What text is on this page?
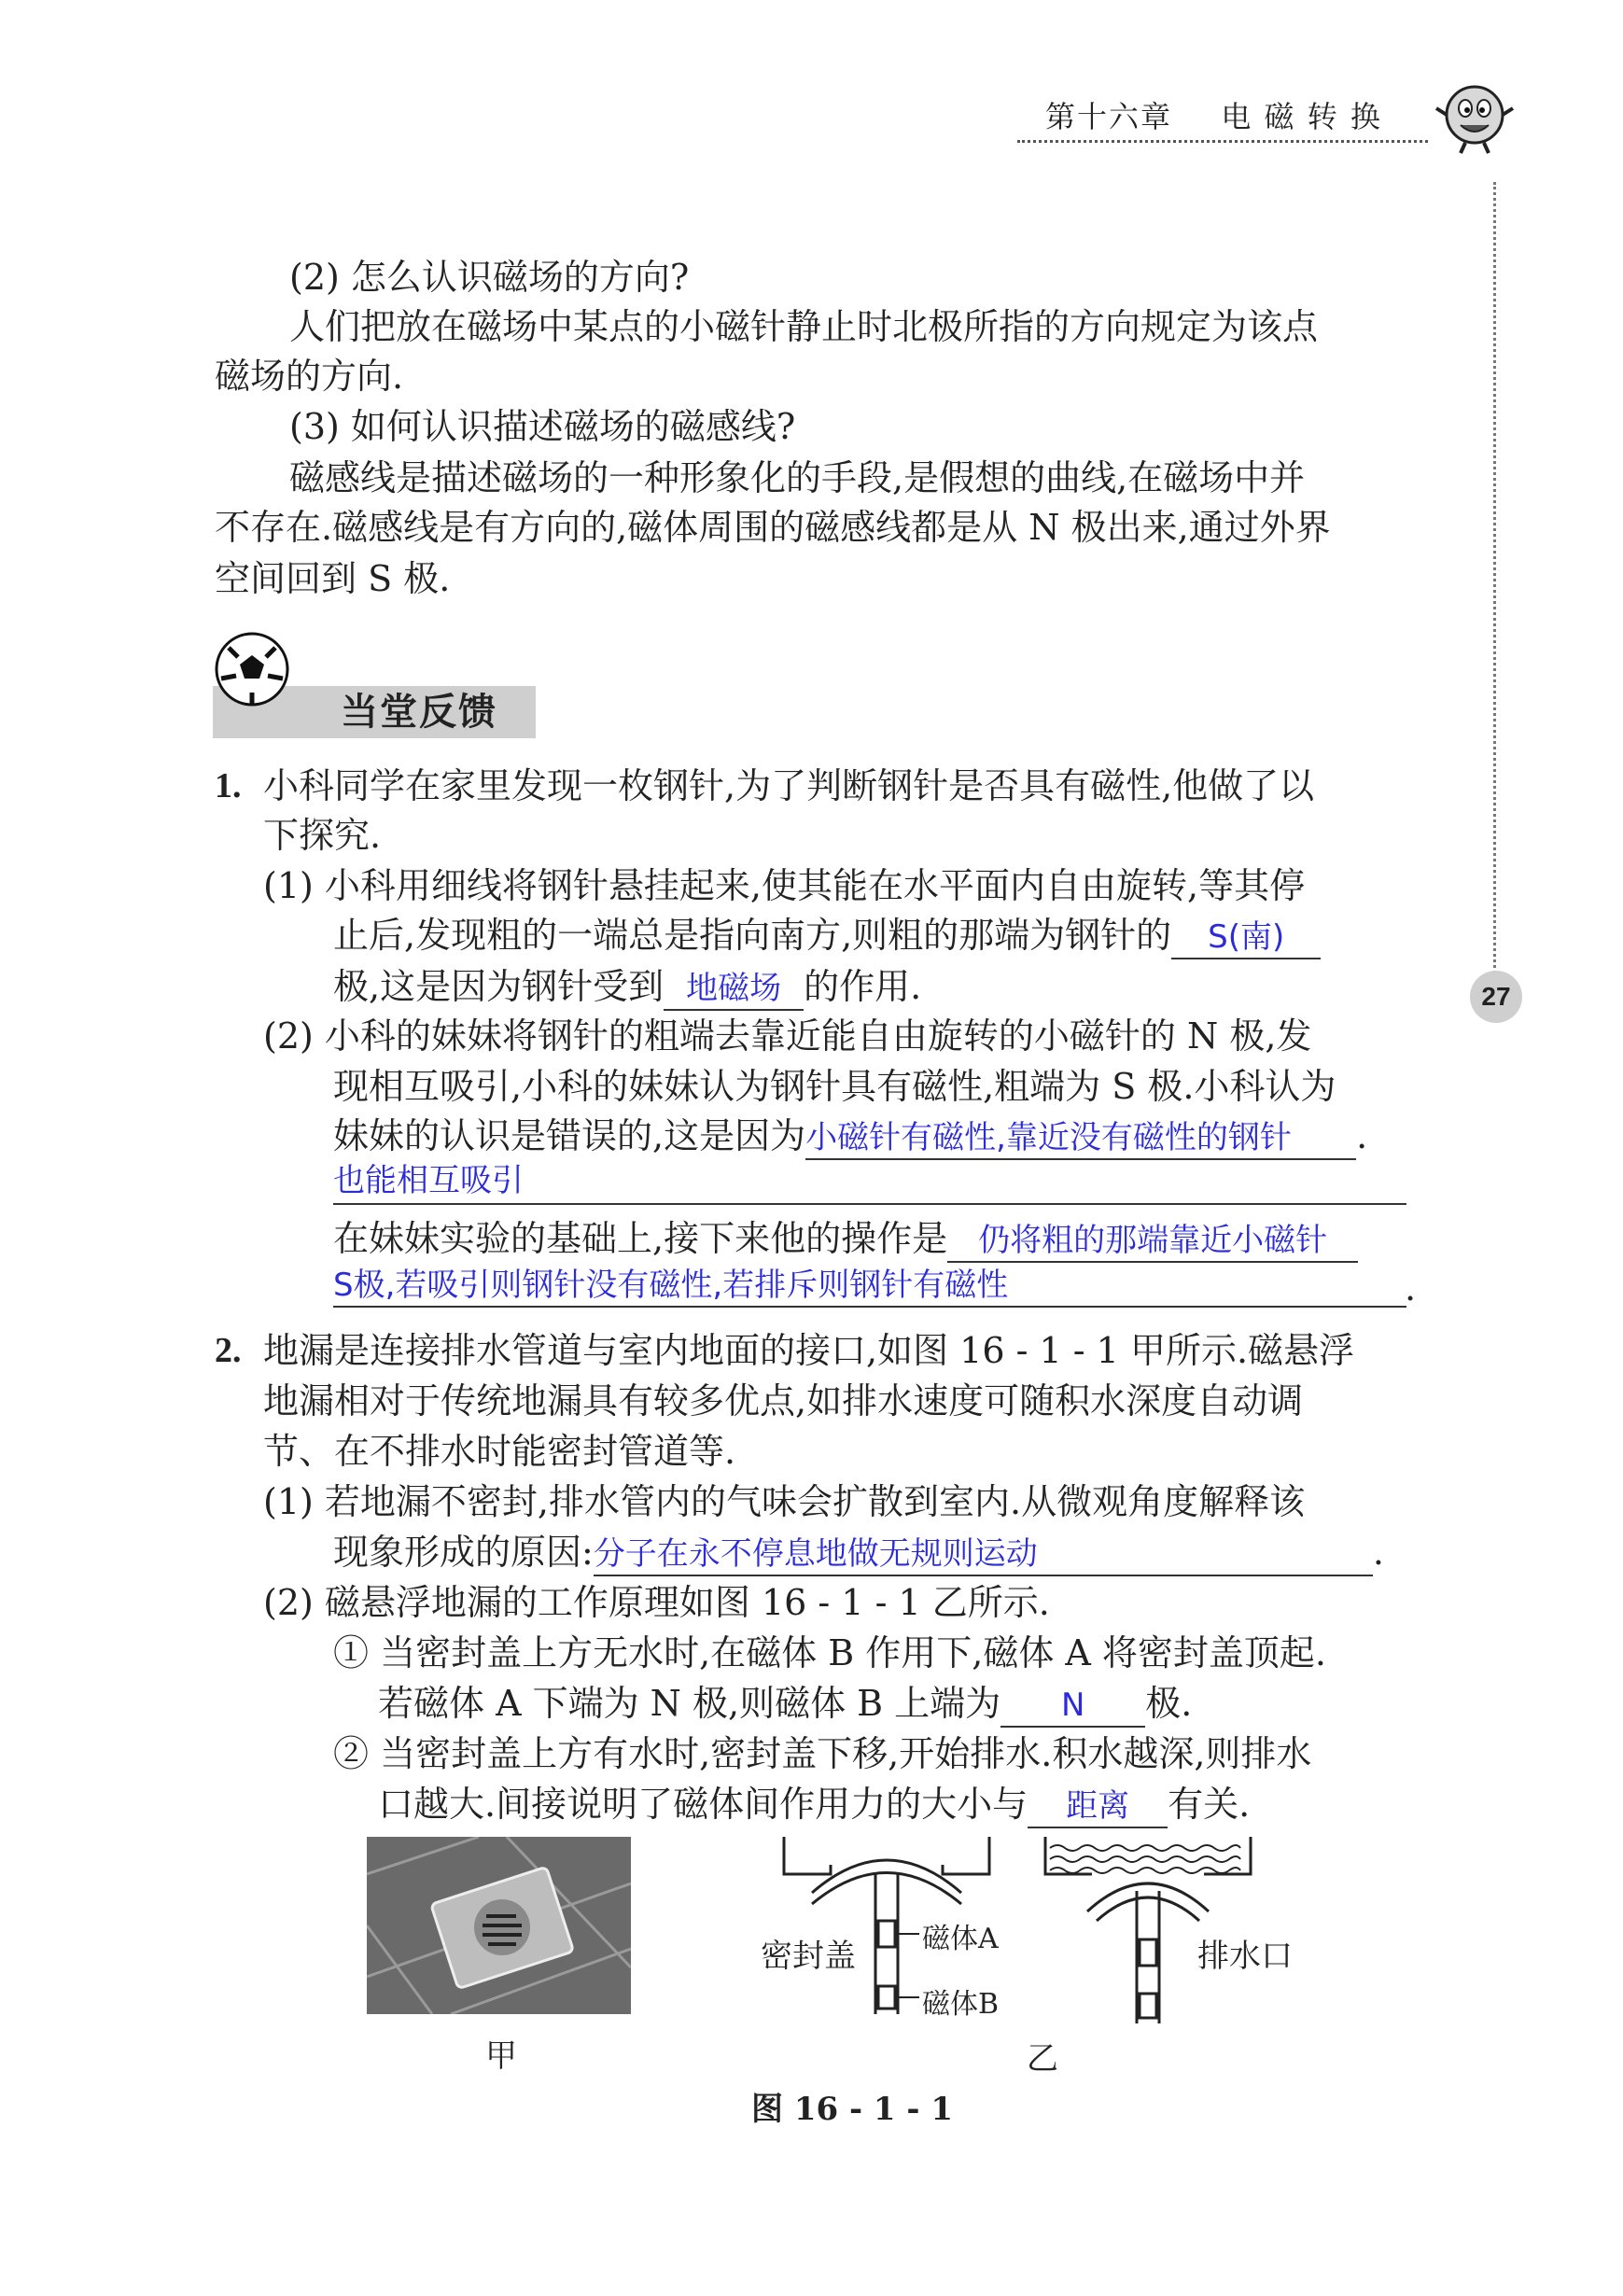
第十六章 电 磁 转 换
27
(2) 怎么认识磁场的方向?
人们把放在磁场中某点的小磁针静止时北极所指的方向规定为该点
磁场的方向.
(3) 如何认识描述磁场的磁感线?
磁感线是描述磁场的一种形象化的手段,是假想的曲线,在磁场中并
不存在.磁感线是有方向的,磁体周围的磁感线都是从 N 极出来,通过外界
空间回到 S 极.
当堂反馈
1. 小科同学在家里发现一枚钢针,为了判断钢针是否具有磁性,他做了以
下探究.
(1) 小科用细线将钢针悬挂起来,使其能在水平面内自由旋转,等其停
止后,发现粗的一端总是指向南方,则粗的那端为钢针的 S(南)
极,这是因为钢针受到 地磁场 的作用.
(2) 小科的妹妹将钢针的粗端去靠近能自由旋转的小磁针的 N 极,发
现相互吸引,小科的妹妹认为钢针具有磁性,粗端为 S 极.小科认为
妹妹的认识是错误的,这是因为小磁针有磁性,靠近没有磁性的钢针 .
也能相互吸引
在妹妹实验的基础上,接下来他的操作是 仍将粗的那端靠近小磁针
S极,若吸引则钢针没有磁性,若排斥则钢针有磁性	.
2. 地漏是连接排水管道与室内地面的接口,如图 16 - 1 - 1 甲所示.磁悬浮
地漏相对于传统地漏具有较多优点,如排水速度可随积水深度自动调
节、在不排水时能密封管道等.
(1) 若地漏不密封,排水管内的气味会扩散到室内.从微观角度解释该
现象形成的原因:分子在永不停息地做无规则运动	.
(2) 磁悬浮地漏的工作原理如图 16 - 1 - 1 乙所示.
① 当密封盖上方无水时,在磁体 B 作用下,磁体 A 将密封盖顶起.
若磁体 A 下端为 N 极,则磁体 B 上端为 N 极.
② 当密封盖上方有水时,密封盖下移,开始排水.积水越深,则排水
口越大.间接说明了磁体间作用力的大小与 距离 有关.
甲
密封盖 磁体A
磁体B
排水口
乙
图 16 - 1 - 1
